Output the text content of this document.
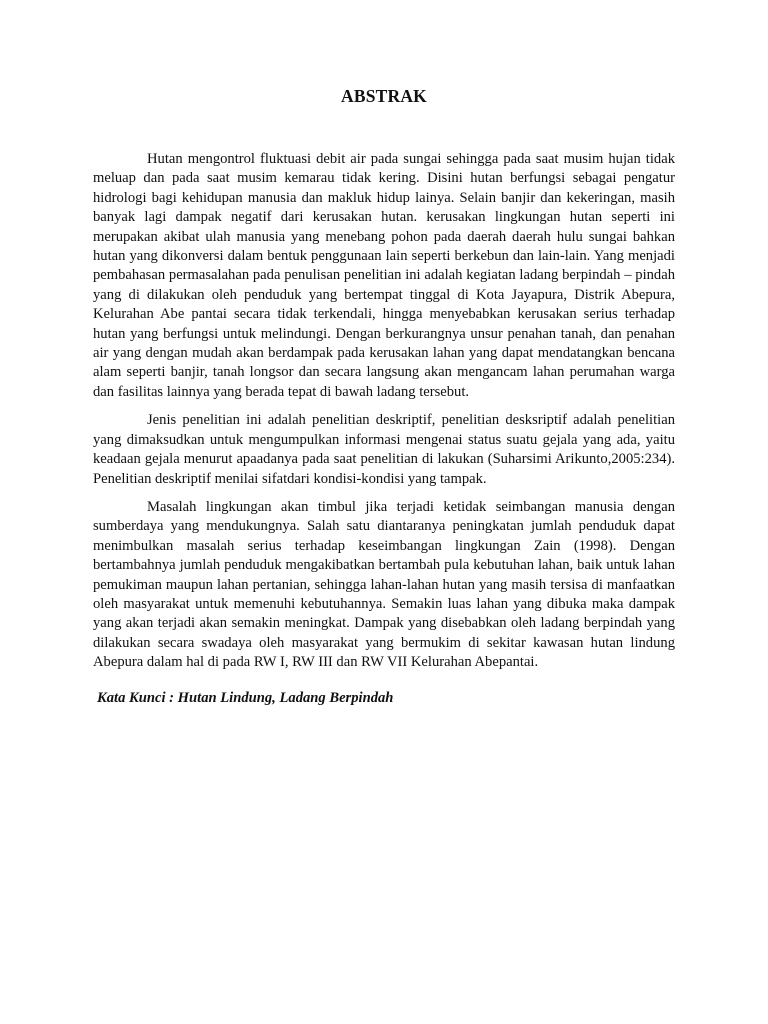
ABSTRAK

Hutan mengontrol fluktuasi debit air pada sungai sehingga pada saat musim hujan tidak meluap dan pada saat musim kemarau tidak kering. Disini hutan berfungsi sebagai pengatur hidrologi bagi kehidupan manusia dan makluk hidup lainya. Selain banjir dan kekeringan, masih banyak lagi dampak negatif dari kerusakan hutan. kerusakan lingkungan hutan seperti ini merupakan akibat ulah manusia yang menebang pohon pada daerah daerah hulu sungai bahkan hutan yang dikonversi dalam bentuk penggunaan lain seperti berkebun dan lain-lain. Yang menjadi pembahasan permasalahan pada penulisan penelitian ini adalah kegiatan ladang berpindah – pindah yang di dilakukan oleh penduduk yang bertempat tinggal di Kota Jayapura, Distrik Abepura, Kelurahan Abe pantai secara tidak terkendali, hingga menyebabkan kerusakan serius terhadap hutan yang berfungsi untuk melindungi. Dengan berkurangnya unsur penahan tanah, dan penahan air yang dengan mudah akan berdampak pada kerusakan lahan yang dapat mendatangkan bencana alam seperti banjir, tanah longsor dan secara langsung akan mengancam lahan perumahan warga dan fasilitas lainnya yang berada tepat di bawah ladang tersebut.

Jenis penelitian ini adalah penelitian deskriptif, penelitian desksriptif adalah penelitian yang dimaksudkan untuk mengumpulkan informasi mengenai status suatu gejala yang ada, yaitu keadaan gejala menurut apaadanya pada saat penelitian di lakukan (Suharsimi Arikunto,2005:234). Penelitian deskriptif menilai sifatdari kondisi-kondisi yang tampak.

Masalah lingkungan akan timbul jika terjadi ketidak seimbangan manusia dengan sumberdaya yang mendukungnya. Salah satu diantaranya peningkatan jumlah penduduk dapat menimbulkan masalah serius terhadap keseimbangan lingkungan Zain (1998). Dengan bertambahnya jumlah penduduk mengakibatkan bertambah pula kebutuhan lahan, baik untuk lahan pemukiman maupun lahan pertanian, sehingga lahan-lahan hutan yang masih tersisa di manfaatkan oleh masyarakat untuk memenuhi kebutuhannya. Semakin luas lahan yang dibuka maka dampak yang akan terjadi akan semakin meningkat. Dampak yang disebabkan oleh ladang berpindah yang dilakukan secara swadaya oleh masyarakat yang bermukim di sekitar kawasan hutan lindung Abepura dalam hal di pada RW I, RW III dan RW VII Kelurahan Abepantai.

Kata Kunci : Hutan Lindung, Ladang Berpindah
